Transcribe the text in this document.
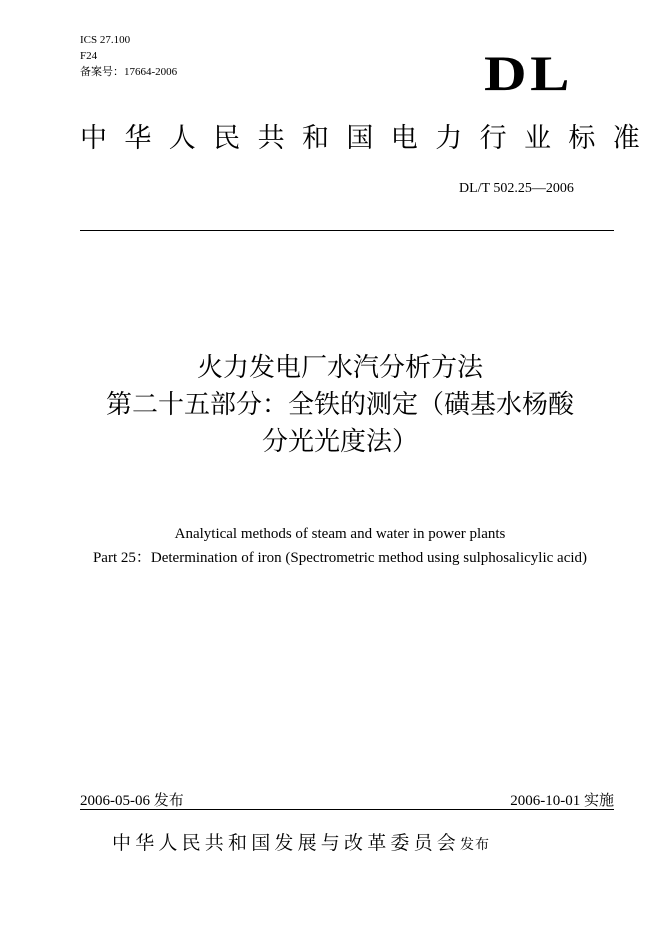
ICS 27.100
F24
备案号：17664-2006	DL
中华人民共和国电力行业标准
DL/T 502.25—2006
火力发电厂水汽分析方法
第二十五部分：全铁的测定（磺基水杨酸
分光光度法）
Analytical methods of steam and water in power plants
Part 25：Determination of iron (Spectrometric method using sulphosalicylic acid)
2006-05-06 发布	2006-10-01 实施
中华人民共和国发展与改革委员会发布
